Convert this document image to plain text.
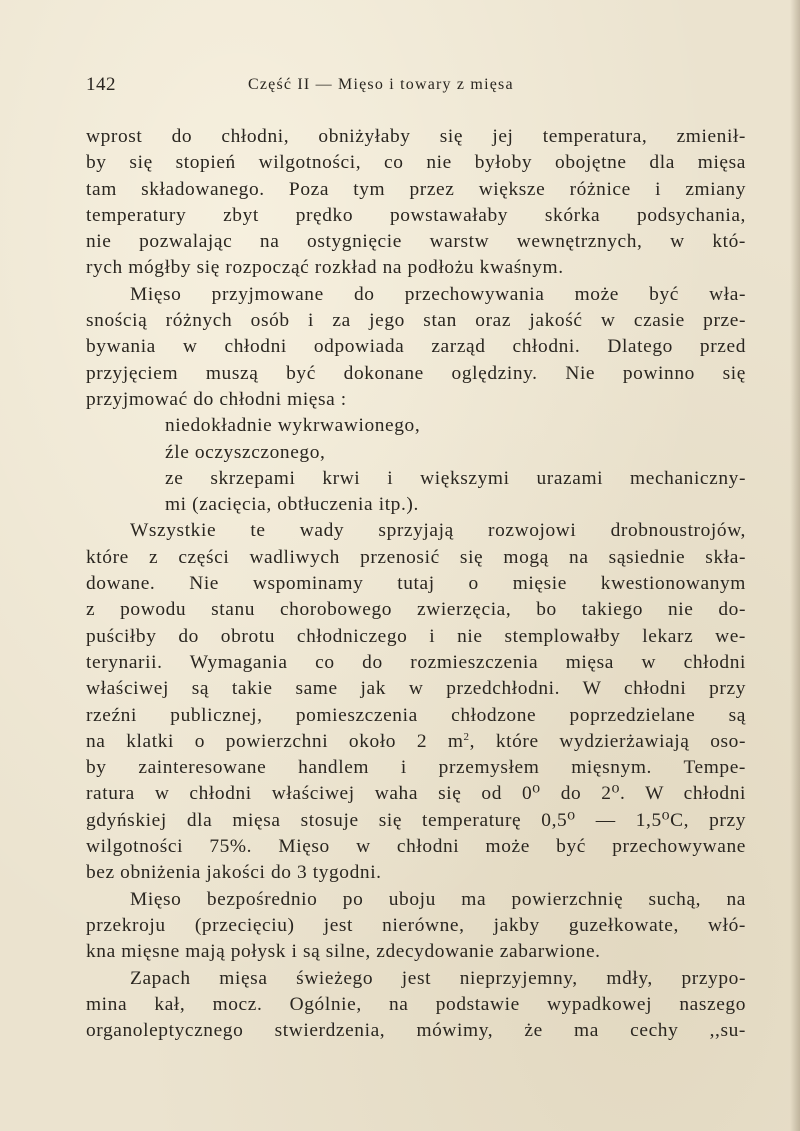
142	Część II — Mięso i towary z mięsa
wprost do chłodni, obniżyłaby się jej temperatura, zmienił-
by się stopień wilgotności, co nie byłoby obojętne dla mięsa
tam składowanego. Poza tym przez większe różnice i zmiany
temperatury zbyt prędko powstawałaby skórka podsychania,
nie pozwalając na ostygnięcie warstw wewnętrznych, w któ-
rych mógłby się rozpocząć rozkład na podłożu kwaśnym.
Mięso przyjmowane do przechowywania może być wła-
snością różnych osób i za jego stan oraz jakość w czasie prze-
bywania w chłodni odpowiada zarząd chłodni. Dlatego przed
przyjęciem muszą być dokonane oględziny. Nie powinno się
przyjmować do chłodni mięsa :
niedokładnie wykrwawionego,
źle oczyszczonego,
ze skrzepami krwi i większymi urazami mechaniczny-
mi (zacięcia, obtłuczenia itp.).
Wszystkie te wady sprzyjają rozwojowi drobnoustrojów,
które z części wadliwych przenosić się mogą na sąsiednie skła-
dowane. Nie wspominamy tutaj o mięsie kwestionowanym
z powodu stanu chorobowego zwierzęcia, bo takiego nie do-
puściłby do obrotu chłodniczego i nie stemplowałby lekarz we-
terynarii. Wymagania co do rozmieszczenia mięsa w chłodni
właściwej są takie same jak w przedchłodni. W chłodni przy
rzeźni publicznej, pomieszczenia chłodzone poprzedzielane są
na klatki o powierzchni około 2 $m^2$, które wydzierżawiają oso-
by zainteresowane handlem i przemysłem mięsnym. Tempe-
ratura w chłodni właściwej waha się od 0⁰ do 2⁰. W chłodni
gdyńskiej dla mięsa stosuje się temperaturę 0,5⁰ — 1,5⁰C, przy
wilgotności 75%. Mięso w chłodni może być przechowywane
bez obniżenia jakości do 3 tygodni.
Mięso bezpośrednio po uboju ma powierzchnię suchą, na
przekroju (przecięciu) jest nierówne, jakby guzełkowate, włó-
kna mięsne mają połysk i są silne, zdecydowanie zabarwione.
Zapach mięsa świeżego jest nieprzyjemny, mdły, przypo-
mina kał, mocz. Ogólnie, na podstawie wypadkowej naszego
organoleptycznego stwierdzenia, mówimy, że ma cechy ,,su-
